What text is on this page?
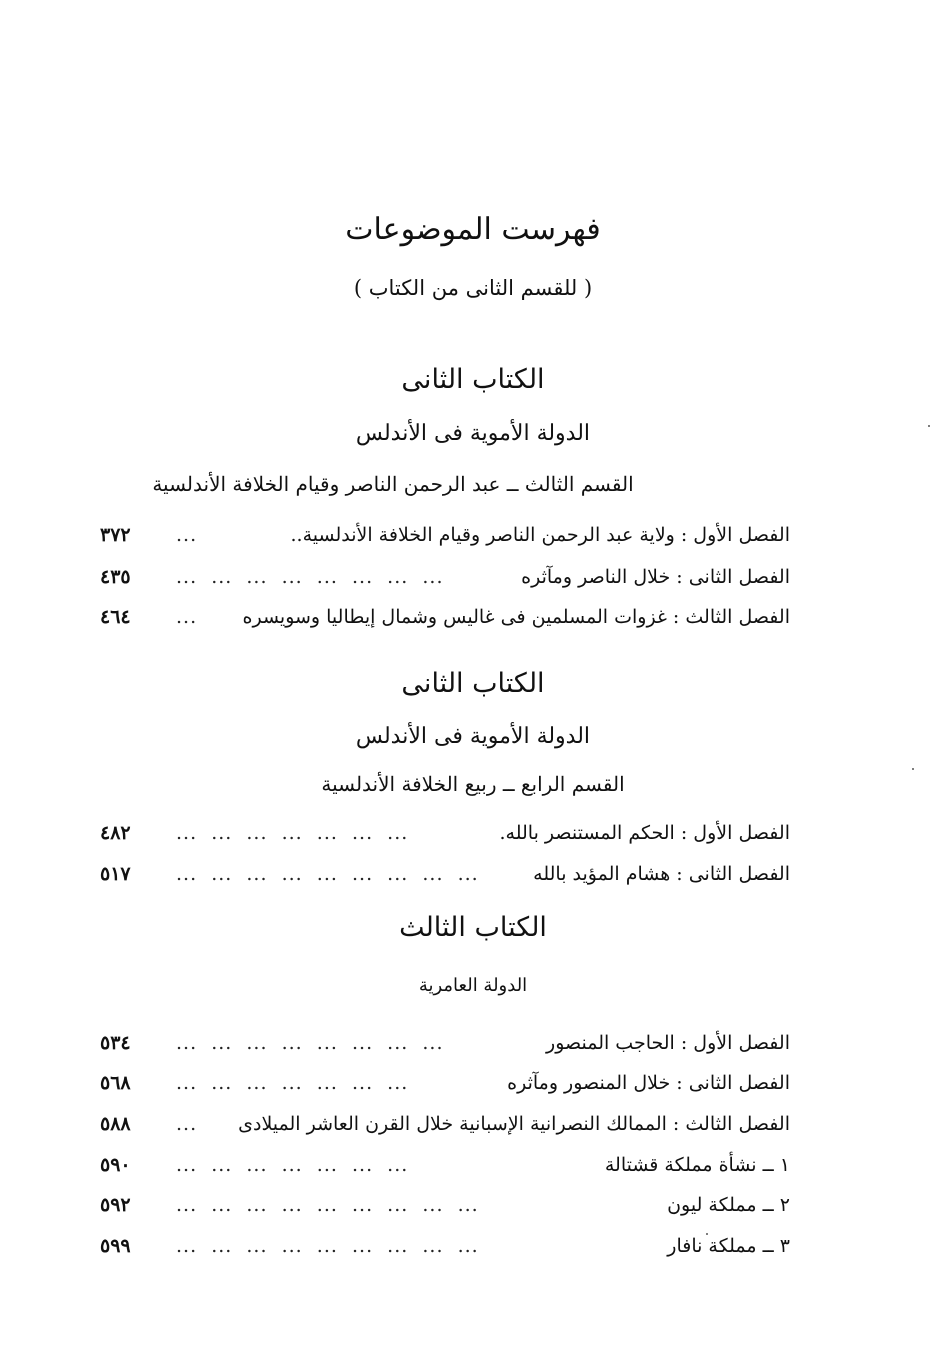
فهرست الموضوعات
( للقسم الثانى من الكتاب )
الكتاب الثانى
الدولة الأموية فى الأندلس
القسم الثالث ــ عبد الرحمن الناصر وقيام الخلافة الأندلسية
الفصل الأول : ولاية عبد الرحمن الناصر وقيام الخلافة الأندلسية..
...
٣٧٢
الفصل الثانى : خلال الناصر ومآثره
...  ...  ...  ...  ...  ...  ...  ...
٤٣٥
الفصل الثالث : غزوات المسلمين فى غاليس وشمال إيطاليا وسويسره
...
٤٦٤
الكتاب الثانى
الدولة الأموية فى الأندلس
القسم الرابع ــ ربيع الخلافة الأندلسية
الفصل الأول : الحكم المستنصر بالله.
...  ...  ...  ...  ...  ...  ...
٤٨٢
الفصل الثانى : هشام المؤيد بالله
...  ...  ...  ...  ...  ...  ...  ...  ...
٥١٧
الكتاب الثالث
الدولة العامرية
الفصل الأول : الحاجب المنصور
...  ...  ...  ...  ...  ...  ...  ...
٥٣٤
الفصل الثانى : خلال المنصور ومآثره
...  ...  ...  ...  ...  ...  ...
٥٦٨
الفصل الثالث : الممالك النصرانية الإسبانية خلال القرن العاشر الميلادى
...
٥٨٨
١ ــ نشأة مملكة قشتالة
...  ...  ...  ...  ...  ...  ...
٥٩٠
٢ ــ مملكة ليون
...  ...  ...  ...  ...  ...  ...  ...  ...
٥٩٢
٣ ــ مملكة نافار
...  ...  ...  ...  ...  ...  ...  ...  ...
٥٩٩
